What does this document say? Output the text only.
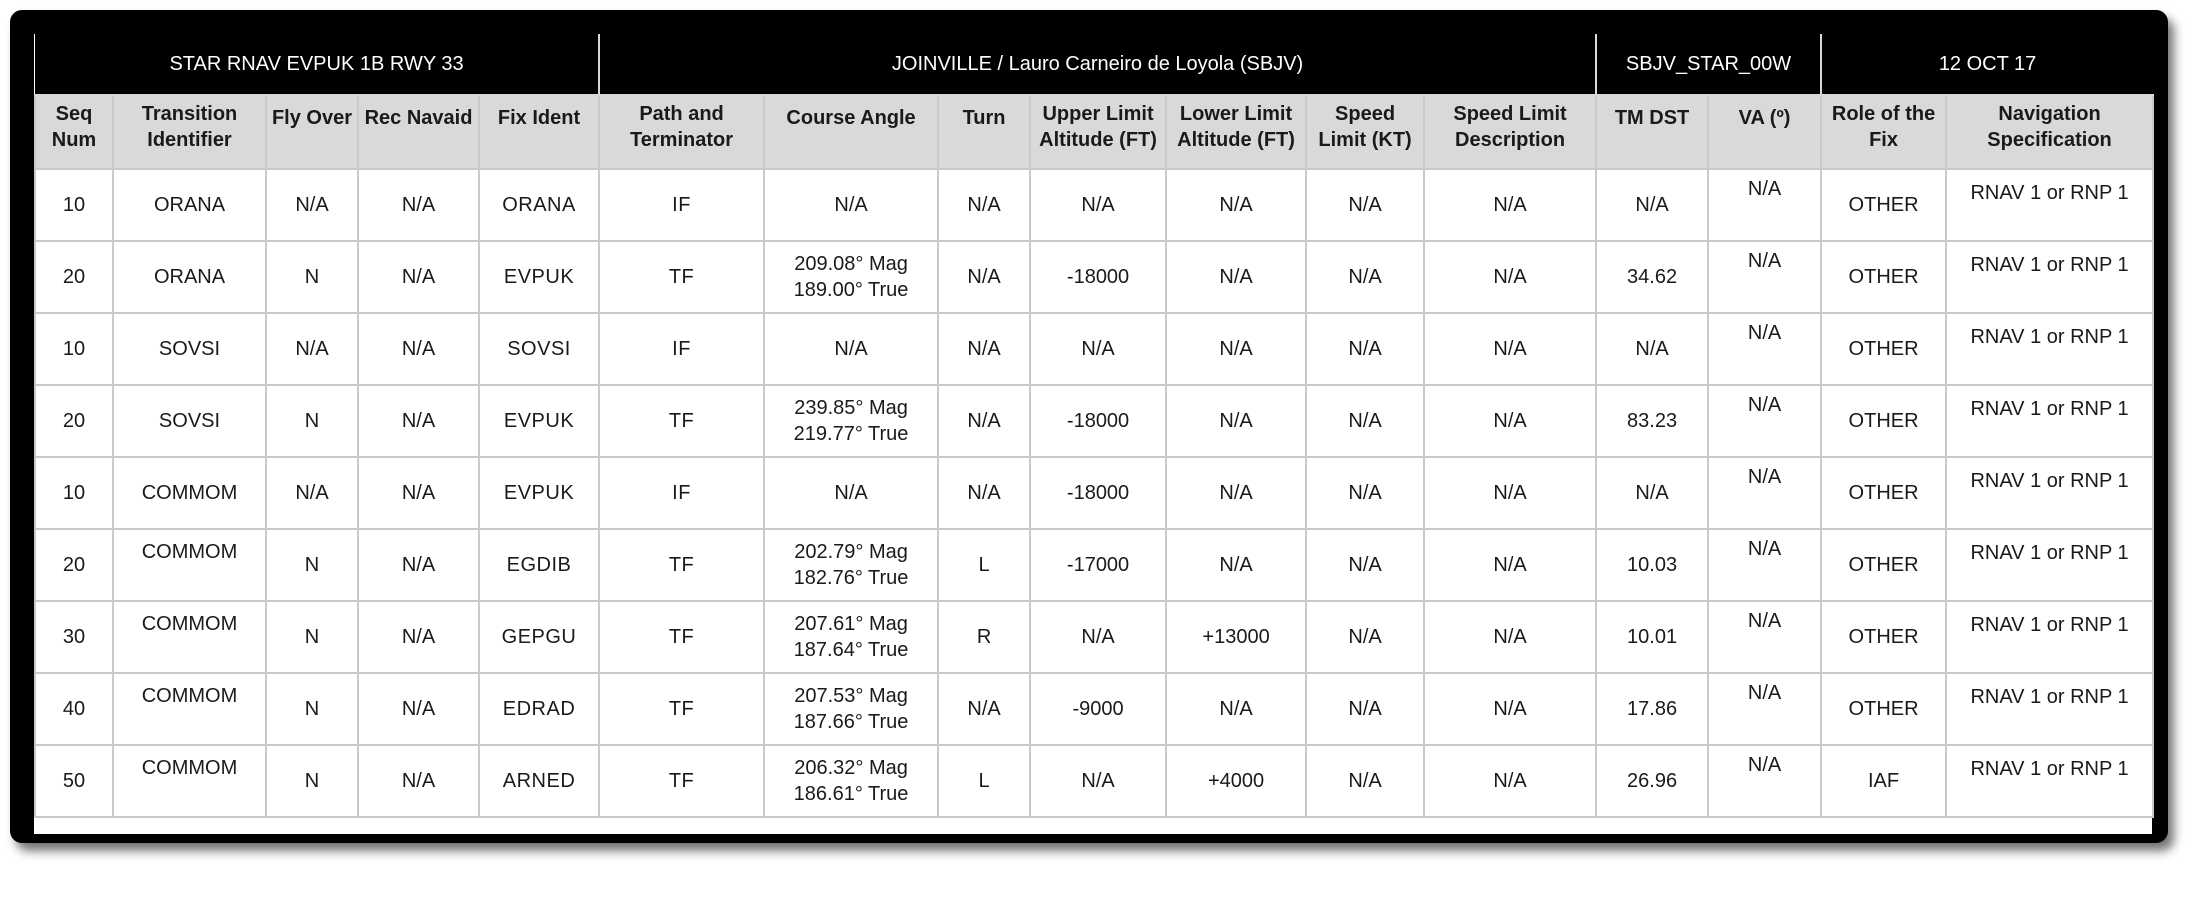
STAR RNAV EVPUK 1B RWY 33					JOINVILLE / Lauro Carneiro de Loyola (SBJV)							SBJV_STAR_00W		12 OCT 17	

Seq Num	Transition Identifier	Fly Over	Rec Navaid	Fix Ident	Path and Terminator	Course Angle	Turn	Upper Limit Altitude (FT)	Lower Limit Altitude (FT)	Speed Limit (KT)	Speed Limit Description	TM DST	VA (º)	Role of the Fix	Navigation Specification

10	ORANA	N/A	N/A	ORANA	IF	N/A	N/A	N/A	N/A	N/A	N/A	N/A	N/A	OTHER	RNAV 1 or RNP 1

20	ORANA	N	N/A	EVPUK	TF	209.08° Mag
189.00° True	N/A	-18000	N/A	N/A	N/A	34.62	N/A	OTHER	RNAV 1 or RNP 1

10	SOVSI	N/A	N/A	SOVSI	IF	N/A	N/A	N/A	N/A	N/A	N/A	N/A	N/A	OTHER	RNAV 1 or RNP 1

20	SOVSI	N	N/A	EVPUK	TF	239.85° Mag
219.77° True	N/A	-18000	N/A	N/A	N/A	83.23	N/A	OTHER	RNAV 1 or RNP 1

10	COMMOM	N/A	N/A	EVPUK	IF	N/A	N/A	-18000	N/A	N/A	N/A	N/A	N/A	OTHER	RNAV 1 or RNP 1

20	COMMOM	N	N/A	EGDIB	TF	202.79° Mag
182.76° True	L	-17000	N/A	N/A	N/A	10.03	N/A	OTHER	RNAV 1 or RNP 1

30	COMMOM	N	N/A	GEPGU	TF	207.61° Mag
187.64° True	R	N/A	+13000	N/A	N/A	10.01	N/A	OTHER	RNAV 1 or RNP 1

40	COMMOM	N	N/A	EDRAD	TF	207.53° Mag
187.66° True	N/A	-9000	N/A	N/A	N/A	17.86	N/A	OTHER	RNAV 1 or RNP 1

50	COMMOM	N	N/A	ARNED	TF	206.32° Mag
186.61° True	L	N/A	+4000	N/A	N/A	26.96	N/A	IAF	RNAV 1 or RNP 1
